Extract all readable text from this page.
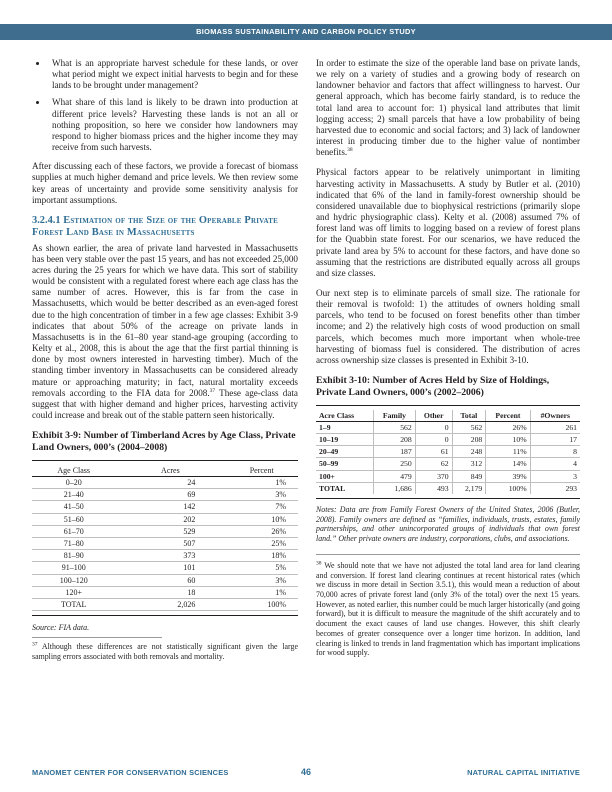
BIOMASS SUSTAINABILITY AND CARBON POLICY STUDY
• What is an appropriate harvest schedule for these lands, or over what period might we expect initial harvests to begin and for these lands to be brought under management?
• What share of this land is likely to be drawn into production at different price levels? Harvesting these lands is not an all or nothing proposition, so here we consider how landowners may respond to higher biomass prices and the higher income they may receive from such harvests.

After discussing each of these factors, we provide a forecast of biomass supplies at much higher demand and price levels. We then review some key areas of uncertainty and provide some sensitivity analysis for important assumptions.

3.2.4.1 Estimation of the Size of the Operable Private Forest Land Base in Massachusetts

As shown earlier, the area of private land harvested in Massachusetts has been very stable over the past 15 years, and has not exceeded 25,000 acres during the 25 years for which we have data. This sort of stability would be consistent with a regulated forest where each age class has the same number of acres. However, this is far from the case in Massachusetts, which would be better described as an even-aged forest due to the high concentration of timber in a few age classes: Exhibit 3-9 indicates that about 50% of the acreage on private lands in Massachusetts is in the 61–80 year stand-age grouping (according to Kelty et al., 2008, this is about the age that the first partial thinning is done by most owners interested in harvesting timber). Much of the standing timber inventory in Massachusetts can be considered already mature or approaching maturity; in fact, natural mortality exceeds removals according to the FIA data for 2008.37 These age-class data suggest that with higher demand and higher prices, harvesting activity could increase and break out of the stable pattern seen historically.

Exhibit 3-9: Number of Timberland Acres by Age Class, Private Land Owners, 000’s (2004–2008)
Age Class	Acres	Percent
0–20	24	1%
21–40	69	3%
41–50	142	7%
51–60	202	10%
61–70	529	26%
71–80	507	25%
81–90	373	18%
91–100	101	5%
100–120	60	3%
120+	18	1%
TOTAL	2,026	100%

Source: FIA data.

$^{37}$ Although these differences are not statistically significant given the large sampling errors associated with both removals and mortality.

In order to estimate the size of the operable land base on private lands, we rely on a variety of studies and a growing body of research on landowner behavior and factors that affect willingness to harvest. Our general approach, which has become fairly standard, is to reduce the total land area to account for: 1) physical land attributes that limit logging access; 2) small parcels that have a low probability of being harvested due to economic and social factors; and 3) lack of landowner interest in producing timber due to the higher value of nontimber benefits.$^{38}$

Physical factors appear to be relatively unimportant in limiting harvesting activity in Massachusetts. A study by Butler et al. (2010) indicated that 6% of the land in family-forest ownership should be considered unavailable due to biophysical restrictions (primarily slope and hydric physiographic class). Kelty et al. (2008) assumed 7% of forest land was off limits to logging based on a review of forest plans for the Quabbin state forest. For our scenarios, we have reduced the private land area by 5% to account for these factors, and have done so assuming that the restrictions are distributed equally across all groups and size classes.

Our next step is to eliminate parcels of small size. The rationale for their removal is twofold: 1) the attitudes of owners holding small parcels, who tend to be focused on forest benefits other than timber income; and 2) the relatively high costs of wood production on small parcels, which becomes much more important when whole-tree harvesting of biomass fuel is considered. The distribution of acres across ownership size classes is presented in Exhibit 3-10.

Exhibit 3-10: Number of Acres Held by Size of Holdings, Private Land Owners, 000’s (2002–2006)
Acre Class	Family	Other	Total	Percent	#Owners
1–9	562	0	562	26%	261
10–19	208	0	208	10%	17
20–49	187	61	248	11%	8
50–99	250	62	312	14%	4
100+	479	370	849	39%	3
TOTAL	1,686	493	2,179	100%	293

Notes: Data are from Family Forest Owners of the United States, 2006 (Butler, 2008). Family owners are defined as “families, individuals, trusts, estates, family partnerships, and other unincorporated groups of individuals that own forest land.” Other private owners are industry, corporations, clubs, and associations.

$^{38}$ We should note that we have not adjusted the total land area for land clearing and conversion. If forest land clearing continues at recent historical rates (which we discuss in more detail in Section 3.5.1), this would mean a reduction of about 70,000 acres of private forest land (only 3% of the total) over the next 15 years. However, as noted earlier, this number could be much larger historically (and going forward), but it is difficult to measure the magnitude of the shift accurately and to document the exact causes of land use changes. However, this shift clearly becomes of greater consequence over a longer time horizon. In addition, land clearing is linked to trends in land fragmentation which has important implications for wood supply.

MANOMET CENTER FOR CONSERVATION SCIENCES	46	NATURAL CAPITAL INITIATIVE
